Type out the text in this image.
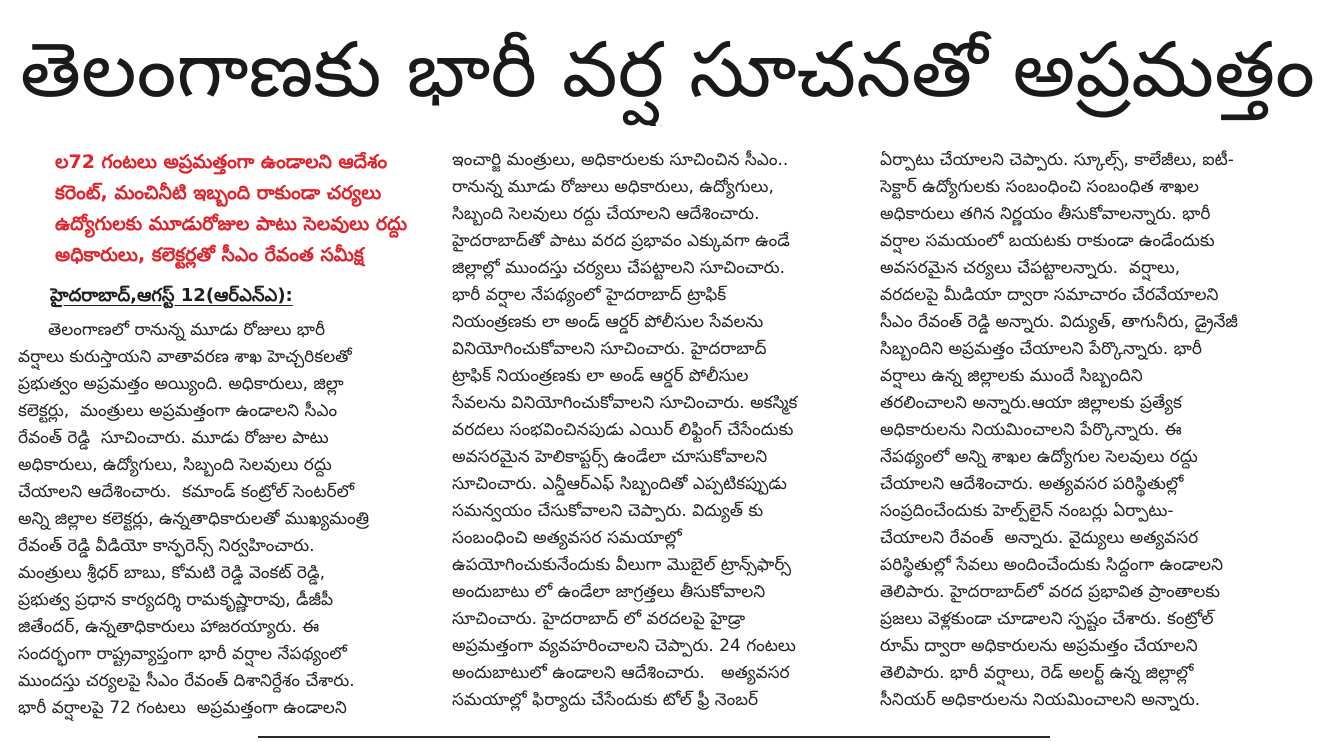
తెలంగాణకు భారీ వర్ష సూచనతో అప్రమత్తం
ల72 గంటలు అప్రమత్తంగా ఉండాలని ఆదేశం
కరెంట్, మంచినీటి ఇబ్బంది రాకుండా చర్యలు
ఉద్యోగులకు మూడురోజుల పాటు సెలవులు రద్దు
అధికారులు, కలెక్టర్లతో సీఎం రేవంత సమీక్ష
హైదరాబాద్,ఆగస్ట్ 12(ఆర్ఎన్ఎ):
తెలంగాణలో రానున్న మూడు రోజులు భారీ
వర్షాలు కురుస్తాయని వాతావరణ శాఖ హెచ్చరికలతో
ప్రభుత్వం అప్రమత్తం అయ్యింది. అధికారులు, జిల్లా
కలెక్టర్లు,  మంత్రులు అప్రమత్తంగా ఉండాలని సీఎం
రేవంత్ రెడ్డి  సూచించారు. మూడు రోజుల పాటు
అధికారులు, ఉద్యోగులు, సిబ్బంది సెలవులు రద్దు
చేయాలని ఆదేశించారు.  కమాండ్ కంట్రోల్ సెంటర్‌లో
అన్ని జిల్లాల కలెక్టర్లు, ఉన్నతాధికారులతో ముఖ్యమంత్రి
రేవంత్ రెడ్డి వీడియో కాన్ఫరెన్స్ నిర్వహించారు.
మంత్రులు శ్రీధర్ బాబు, కోమటి రెడ్డి వెంకట్ రెడ్డి,
ప్రభుత్వ ప్రధాన కార్యదర్శి రామకృష్ణారావు, డీజీపీ
జితేందర్, ఉన్నతాధికారులు హాజరయ్యారు. ఈ
సందర్భంగా రాష్ట్రవ్యాప్తంగా భారీ వర్షాల నేపథ్యంలో
ముందస్తు చర్యలపై సీఎం రేవంత్ దిశానిర్దేశం చేశారు.
భారీ వర్షాలపై 72 గంటలు  అప్రమత్తంగా ఉండాలని
ఇంచార్జి మంత్రులు, అధికారులకు సూచించిన సీఎం..
రానున్న మూడు రోజులు అధికారులు, ఉద్యోగులు,
సిబ్బంది సెలవులు రద్దు చేయాలని ఆదేశించారు.
హైదరాబాద్‌తో పాటు వరద ప్రభావం ఎక్కువగా ఉండే
జిల్లాల్లో ముందస్తు చర్యలు చేపట్టాలని సూచించారు.
భారీ వర్షాల నేపథ్యంలో హైదరాబాద్ ట్రాఫిక్
నియంత్రణకు లా అండ్ ఆర్డర్ పోలీసుల సేవలను
వినియోగించుకోవాలని సూచించారు. హైదరాబాద్
ట్రాఫిక్ నియంత్రణకు లా అండ్ ఆర్డర్ పోలీసుల
సేవలను వినియోగించుకోవాలని సూచించారు. అకస్మిక
వరదలు సంభవించినపుడు ఎయిర్ లిఫ్టింగ్ చేసేందుకు
అవసరమైన హెలికాప్టర్స్ ఉండేలా చూసుకోవాలని
సూచించారు. ఎన్డీఆర్ఎఫ్ సిబ్బందితో ఎప్పటికప్పుడు
సమన్వయం చేసుకోవాలని చెప్పారు. విద్యుత్ కు
సంబంధించి అత్యవసర సమయాల్లో
ఉపయోగించుకునేందుకు వీలుగా మొబైల్ ట్రాన్స్‌ఫార్స్
అందుబాటు లో ఉండేలా జాగ్రత్తలు తీసుకోవాలని
సూచించారు. హైదరాబాద్ లో వరదలపై హైడ్రా
అప్రమత్తంగా వ్యవహరించాలని చెప్పారు. 24 గంటలు
అందుబాటులో ఉండాలని ఆదేశించారు.   అత్యవసర
సమయాల్లో ఫిర్యాదు చేసేందుకు టోల్ ఫ్రీ నెంబర్
ఏర్పాటు చేయాలని చెప్పారు. స్కూల్స్, కాలేజీలు, ఐటీ-
సెక్టార్ ఉద్యోగులకు సంబంధించి సంబంధిత శాఖల
అధికారులు తగిన నిర్ణయం తీసుకోవాలన్నారు. భారీ
వర్షాల సమయంలో బయటకు రాకుండా ఉండేందుకు
అవసరమైన చర్యలు చేపట్టాలన్నారు.  వర్షాలు,
వరదలపై మీడియా ద్వారా సమాచారం చేరవేయాలని
సీఎం రేవంత్ రెడ్డి అన్నారు. విద్యుత్, తాగునీరు, డ్రైనేజీ
సిబ్బందిని అప్రమత్తం చేయాలని పేర్కొన్నారు. భారీ
వర్షాలు ఉన్న జిల్లాలకు ముందే సిబ్బందిని
తరలించాలని అన్నారు.ఆయా జిల్లాలకు ప్రత్యేక
అధికారులను నియమించాలని పేర్కొన్నారు. ఈ
నేపథ్యంలో అన్ని శాఖల ఉద్యోగుల సెలవులు రద్దు
చేయాలని ఆదేశించారు. అత్యవసర పరిస్థితుల్లో
సంప్రదించేందుకు హెల్ప్‌లైన్ నంబర్లు ఏర్పాటు-
చేయాలని రేవంత్  అన్నారు. వైద్యులు అత్యవసర
పరిస్థితుల్లో సేవలు అందించేందుకు సిద్దంగా ఉండాలని
తెలిపారు. హైదరాబాద్‌లో వరద ప్రభావిత ప్రాంతాలకు
ప్రజలు వెళ్లకుండా చూడాలని స్పష్టం చేశారు. కంట్రోల్
రూమ్ ద్వారా అధికారులను అప్రమత్తం చేయాలని
తెలిపారు. భారీ వర్షాలు, రెడ్ అలర్ట్ ఉన్న జిల్లాల్లో
సీనియర్ అధికారులను నియమించాలని అన్నారు.
